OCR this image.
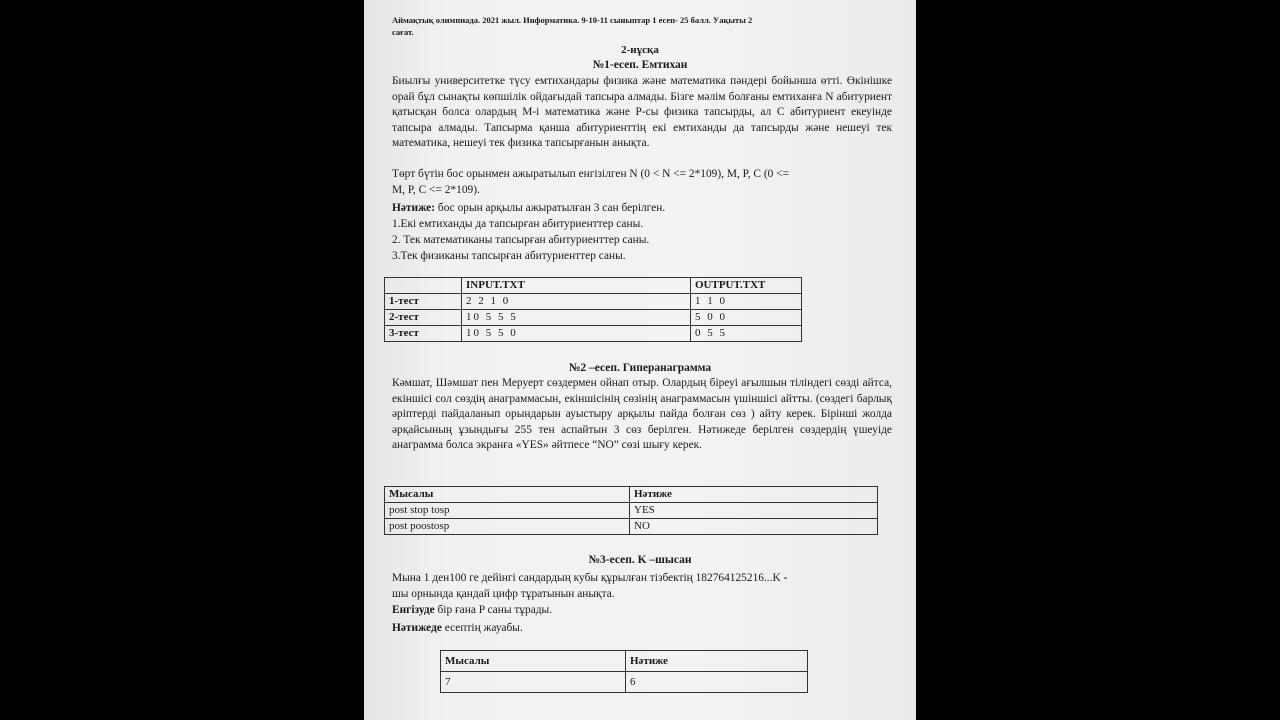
Аймақтық олимпиада. 2021 жыл. Информатика. 9-10-11 сыныптар 1 есеп- 25 балл. Уақыты 2
сағат.
2-нұсқа
№1-есеп. Емтихан
Биылғы университетке түсу емтихандары физика және математика пәндері бойынша өтті. Өкінішке орай бұл сынақты көпшілік ойдағыдай тапсыра алмады. Бізге мәлім болғаны емтиханға N абитуриент қатысқан болса олардың M-і математика және P-сы физика тапсырды, ал C абитуриент екеуінде тапсыра алмады. Тапсырма қанша абитуриенттің екі емтиханды да тапсырды және нешеуі тек математика, нешеуі тек физика тапсырғанын анықта.
Төрт бүтін бос орынмен ажыратылып енгізілген N (0 < N <= 2*109), M, P, C (0 <=
M, P, C <= 2*109).
Нәтиже: бос орын арқылы ажыратылған 3 сан берілген.
1.Екі емтиханды да тапсырған абитуриенттер саны.
2. Тек математиканы тапсырған абитуриенттер саны.
3.Тек физиканы тапсырған абитуриенттер саны.
	INPUT.TXT	OUTPUT.TXT
1-тест	2 2 1 0	1 1 0
2-тест	10 5 5 5	5 0 0
3-тест	10 5 5 0	0 5 5
№2 –есеп. Гиперанаграмма
Кәмшат, Шәмшат пен Меруерт сөздермен ойнап отыр. Олардың біреуі ағылшын тіліндегі сөзді айтса, екіншісі сол сөздің анаграммасын, екіншісінің сөзінің анаграммасын үшіншісі айтты. (сөздегі барлық әріптерді пайдаланып орындарын ауыстыру арқылы пайда болған сөз ) айту керек. Бірінші жолда әрқайсының ұзындығы 255 тен аспайтын 3 сөз берілген. Нәтижеде берілген сөздердің үшеуіде анаграмма болса экранға «YES» әйтпесе “NO” сөзі шығу керек.
Мысалы	Нәтиже
post stop tosp	YES
post poostosp	NO
№3-есеп. K –шысан
Мына 1 ден100 ге дейінгі сандардың кубы құрылған тізбектің 182764125216...K -
шы орнында қандай цифр тұратынын анықта.
Енгізуде бір ғана P саны тұрады.
Нәтижеде есептің жауабы.
Мысалы	Нәтиже
7	6
